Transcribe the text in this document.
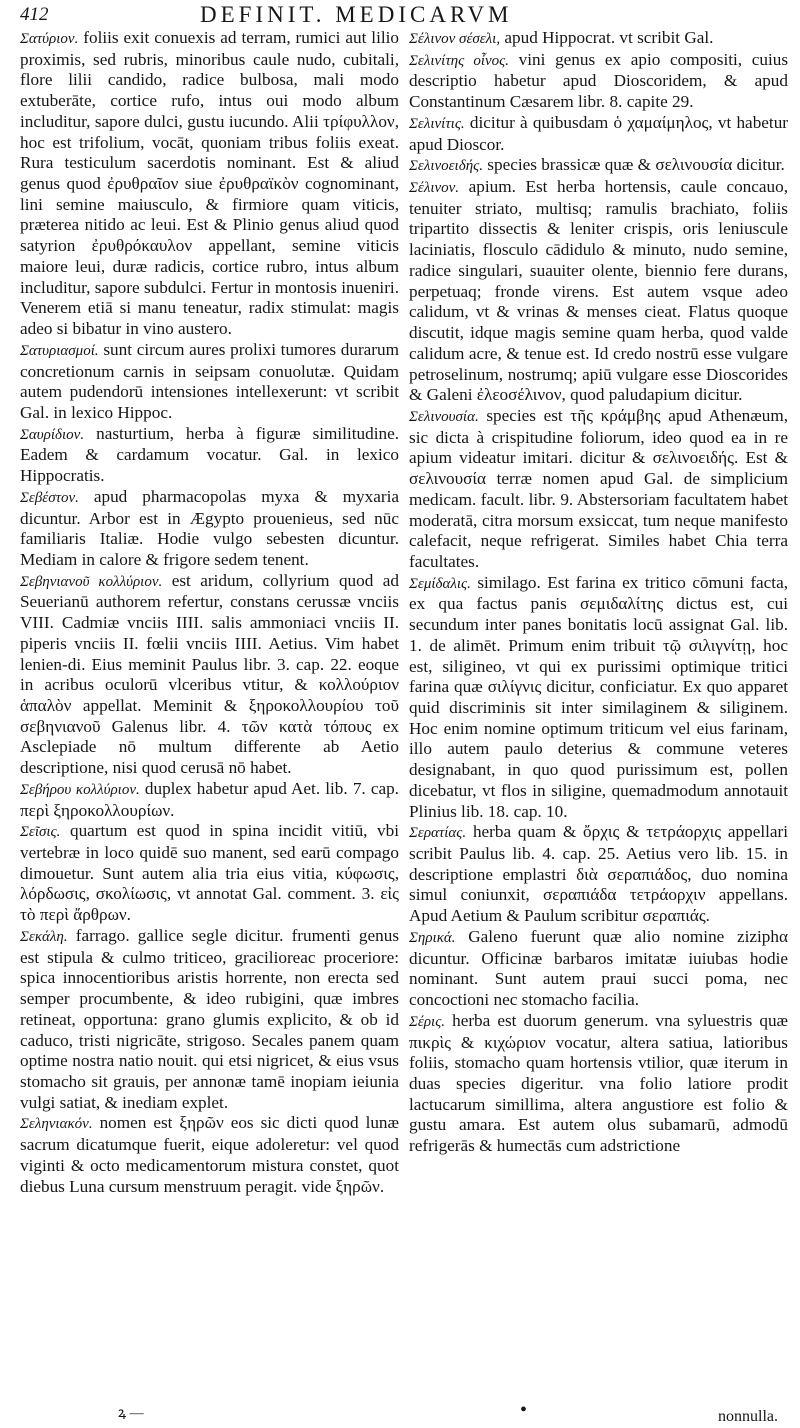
412	DEFINIT. MEDICARVM

Σατύριον. foliis exit conuexis ad terram, rumici aut lilio proximis, sed rubris, minoribus caule nudo, cubitali, flore lilii candido, radice bulbosa, mali modo extuberāte, cortice rufo, intus oui modo album includitur, sapore dulci, gustu iucundo. Alii τρίφυλλον, hoc est trifolium, vocāt, quoniam tribus foliis exeat. Rura testiculum sacerdotis nominant. Est & aliud genus quod ἐρυθραῖον siue ἐρυθραϊκὸν cognominant, lini semine maiusculo, & firmiore quam viticis, præterea nitido ac leui. Est & Plinio genus aliud quod satyrion ἐρυθρόκαυλον appellant, semine viticis maiore leui, duræ radicis, cortice rubro, intus album includitur, sapore subdulci. Fertur in montosis inueniri. Venerem etiā si manu teneatur, radix stimulat: magis adeo si bibatur in vino austero.

Σατυριασμοί. sunt circum aures prolixi tumores durarum concretionum carnis in seipsam conuolutæ. Quidam autem pudendorū intensiones intellexerunt: vt scribit Gal. in lexico Hippoc.

Σαυρίδιον. nasturtium, herba à figuræ similitudine. Eadem & cardamum vocatur. Gal. in lexico Hippocratis.

Σεβέστον. apud pharmacopolas myxa & myxaria dicuntur. Arbor est in Ægypto prouenieus, sed nūc familiaris Italiæ. Hodie vulgo sebesten dicuntur. Mediam in calore & frigore sedem tenent.

Σεβηνιανοῦ κολλύριον. est aridum, collyrium quod ad Seuerianū authorem refertur, constans cerussæ vnciis VIII. Cadmiæ vnciis IIII. salis ammoniaci vnciis II. piperis vnciis II. fœlii vnciis IIII. Aetius. Vim habet lenien-di. Eius meminit Paulus libr. 3. cap. 22. eoque in acribus oculorū vlceribus vtitur, & κολλούριον ἁπαλὸν appellat. Meminit & ξηροκολλουρίου τοῦ σεβηνιανοῦ Galenus libr. 4. τῶν κατὰ τόπους ex Asclepiade nō multum differente ab Aetio descriptione, nisi quod cerusā nō habet.

Σεβήρου κολλύριον. duplex habetur apud Aet. lib. 7. cap. περὶ ξηροκολλουρίων.

Σεῖσις. quartum est quod in spina incidit vitiū, vbi vertebræ in loco quidē suo manent, sed earū compago dimouetur. Sunt autem alia tria eius vitia, κύφωσις, λόρδωσις, σκολίωσις, vt annotat Gal. comment. 3. εἰς τὸ περὶ ἄρθρων.

Σεκάλη. farrago. gallice segle dicitur. frumenti genus est stipula & culmo triticeo, gracilioreac proceriore: spica innocentioribus aristis horrente, non erecta sed semper procumbente, & ideo rubigini, quæ imbres retineat, opportuna: grano glumis explicito, & ob id caduco, tristi nigricāte, strigoso. Secales panem quam optime nostra natio nouit. qui etsi nigricet, & eius vsus stomacho sit grauis, per annonæ tamē inopiam ieiunia vulgi satiat, & inediam explet.

Σεληνιακόν. nomen est ξηρῶν eos sic dicti quod lunæ sacrum dicatumque fuerit, eique adoleretur: vel quod viginti & octo medicamentorum mistura constet, quot diebus Luna cursum menstruum peragit. vide ξηρῶν.

Σέλινον σέσελι, apud Hippocrat. vt scribit Gal.

Σελινίτης οἶνος. vini genus ex apio compositi, cuius descriptio habetur apud Dioscoridem, & apud Constantinum Cæsarem libr. 8. capite 29.

Σελινίτις. dicitur à quibusdam ὁ χαμαίμηλος, vt habetur apud Dioscor.

Σελινοειδής. species brassicæ quæ & σελινουσία dicitur.

Σέλινον. apium. Est herba hortensis, caule concauo, tenuiter striato, multisq; ramulis brachiato, foliis tripartito dissectis & leniter crispis, oris leniuscule laciniatis, flosculo cādidulo & minuto, nudo semine, radice singulari, suauiter olente, biennio fere durans, perpetuaq; fronde virens. Est autem vsque adeo calidum, vt & vrinas & menses cieat. Flatus quoque discutit, idque magis semine quam herba, quod valde calidum acre, & tenue est. Id credo nostrū esse vulgare petroselinum, nostrumq; apiū vulgare esse Dioscorides & Galeni ἐλεοσέλινον, quod paludapium dicitur.

Σελινουσία. species est τῆς κράμβης apud Athenæum, sic dicta à crispitudine foliorum, ideo quod ea in re apium videatur imitari. dicitur & σελινοειδής. Est & σελινουσία terræ nomen apud Gal. de simplicium medicam. facult. libr. 9. Abstersoriam facultatem habet moderatā, citra morsum exsiccat, tum neque manifesto calefacit, neque refrigerat. Similes habet Chia terra facultates.

Σεμίδαλις. similago. Est farina ex tritico cōmuni facta, ex qua factus panis σεμιδαλίτης dictus est, cui secundum inter panes bonitatis locū assignat Gal. lib. 1. de alimēt. Primum enim tribuit τῷ σιλιγνίτῃ, hoc est, siligineo, vt qui ex purissimi optimique tritici farina quæ σιλίγνις dicitur, conficiatur. Ex quo apparet quid discriminis sit inter similaginem & siliginem. Hoc enim nomine optimum triticum vel eius farinam, illo autem paulo deterius & commune veteres designabant, in quo quod purissimum est, pollen dicebatur, vt flos in siligine, quemadmodum annotauit Plinius lib. 18. cap. 10.

Σερατίας. herba quam & ὄρχις & τετράορχις appellari scribit Paulus lib. 4. cap. 25. Aetius vero lib. 15. in descriptione emplastri διὰ σεραπιάδος, duo nomina simul coniunxit, σεραπιάδα τετράορχιν appellans. Apud Aetium & Paulum scribitur σεραπιάς.

Σηρικά. Galeno fuerunt quæ alio nomine ziziphα dicuntur. Officinæ barbaros imitatæ iuiubas hodie nominant. Sunt autem praui succi poma, nec concoctioni nec stomacho facilia.

Σέρις. herba est duorum generum. vna syluestris quæ πικρὶς & κιχώριον vocatur, altera satiua, latioribus foliis, stomacho quam hortensis vtilior, quæ iterum in duas species digeritur. vna folio latiore prodit lactucarum simillima, altera angustiore est folio & gustu amara. Est autem olus subamarū, admodū refrigerās & humectās cum adstrictione

ꝝ —	•	nonnulla.
